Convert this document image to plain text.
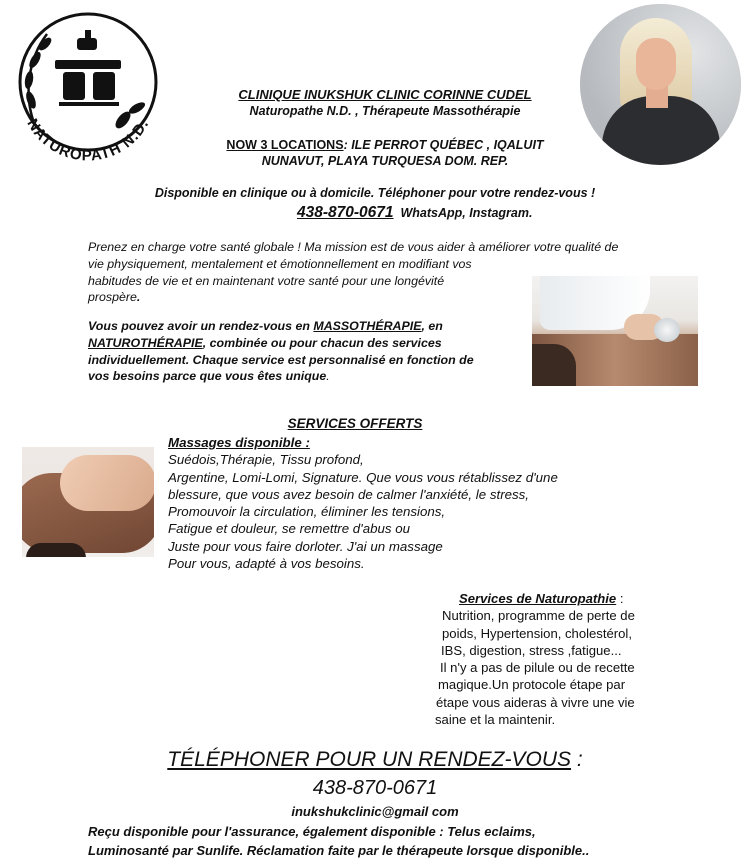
NATUROPATH N.D.
CLINIQUE INUKSHUK CLINIC CORINNE CUDEL
Naturopathe N.D. , Thérapeute Massothérapie
NOW 3 LOCATIONS: ILE PERROT QUÉBEC , IQALUIT
NUNAVUT, PLAYA TURQUESA DOM. REP.
Disponible en clinique ou à domicile. Téléphoner pour votre rendez-vous !
438-870-0671 WhatsApp, Instagram.
Prenez en charge votre santé globale ! Ma mission est de vous aider à améliorer votre qualité de
vie physiquement, mentalement et émotionnellement en modifiant vos
habitudes de vie et en maintenant votre santé pour une longévité
prospère.
Vous pouvez avoir un rendez-vous en MASSOTHÉRAPIE, en
NATUROTHÉRAPIE, combinée ou pour chacun des services
individuellement. Chaque service est personnalisé en fonction de
vos besoins parce que vous êtes unique.
SERVICES OFFERTS
Massages disponible :
Suédois,Thérapie, Tissu profond,
Argentine, Lomi-Lomi, Signature. Que vous vous rétablissez d'une
blessure, que vous avez besoin de calmer l'anxiété, le stress,
Promouvoir la circulation, éliminer les tensions,
Fatigue et douleur, se remettre d'abus ou
Juste pour vous faire dorloter. J'ai un massage
Pour vous, adapté à vos besoins.
Services de Naturopathie :
Nutrition, programme de perte de
poids, Hypertension, cholestérol,
IBS, digestion, stress ,fatigue...
Il n'y a pas de pilule ou de recette
magique.Un protocole étape par
étape vous aideras à vivre une vie
saine et la maintenir.
TÉLÉPHONER POUR UN RENDEZ-VOUS :
438-870-0671
inukshukclinic@gmail com
Reçu disponible pour l'assurance, également disponible : Telus eclaims,
Luminosanté par Sunlife. Réclamation faite par le thérapeute lorsque disponible..
